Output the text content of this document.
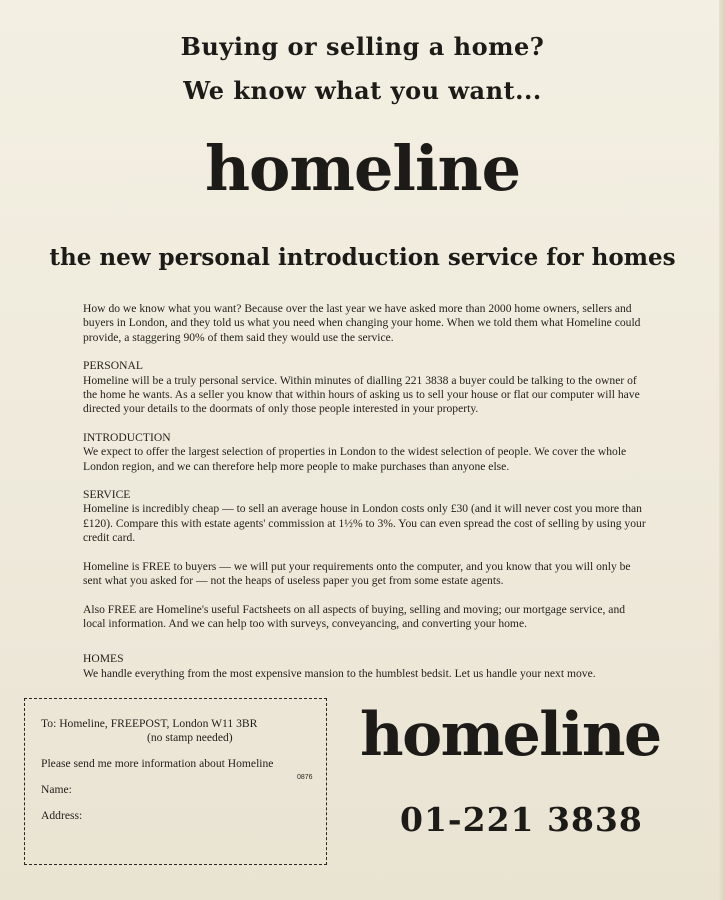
Buying or selling a home?
We know what you want...
homeline
the new personal introduction service for homes

How do we know what you want? Because over the last year we have asked more than 2000 home owners, sellers and buyers in London, and they told us what you need when changing your home. When we told them what Homeline could provide, a staggering 90% of them said they would use the service.

PERSONAL

Homeline will be a truly personal service. Within minutes of dialling 221 3838 a buyer could be talking to the owner of the home he wants. As a seller you know that within hours of asking us to sell your house or flat our computer will have directed your details to the doormats of only those people interested in your property.

INTRODUCTION

We expect to offer the largest selection of properties in London to the widest selection of people. We cover the whole London region, and we can therefore help more people to make purchases than anyone else.

SERVICE

Homeline is incredibly cheap — to sell an average house in London costs only £30 (and it will never cost you more than £120). Compare this with estate agents' commission at 1½% to 3%. You can even spread the cost of selling by using your credit card.

Homeline is FREE to buyers — we will put your requirements onto the computer, and you know that you will only be sent what you asked for — not the heaps of useless paper you get from some estate agents.

Also FREE are Homeline's useful Factsheets on all aspects of buying, selling and moving; our mortgage service, and local information. And we can help too with surveys, conveyancing, and converting your home.

HOMES

We handle everything from the most expensive mansion to the humblest bedsit. Let us handle your next move.

To: Homeline, FREEPOST, London W11 3BR
(no stamp needed)
Please send me more information about Homeline
0876
Name:
Address:
homeline
01-221 3838
